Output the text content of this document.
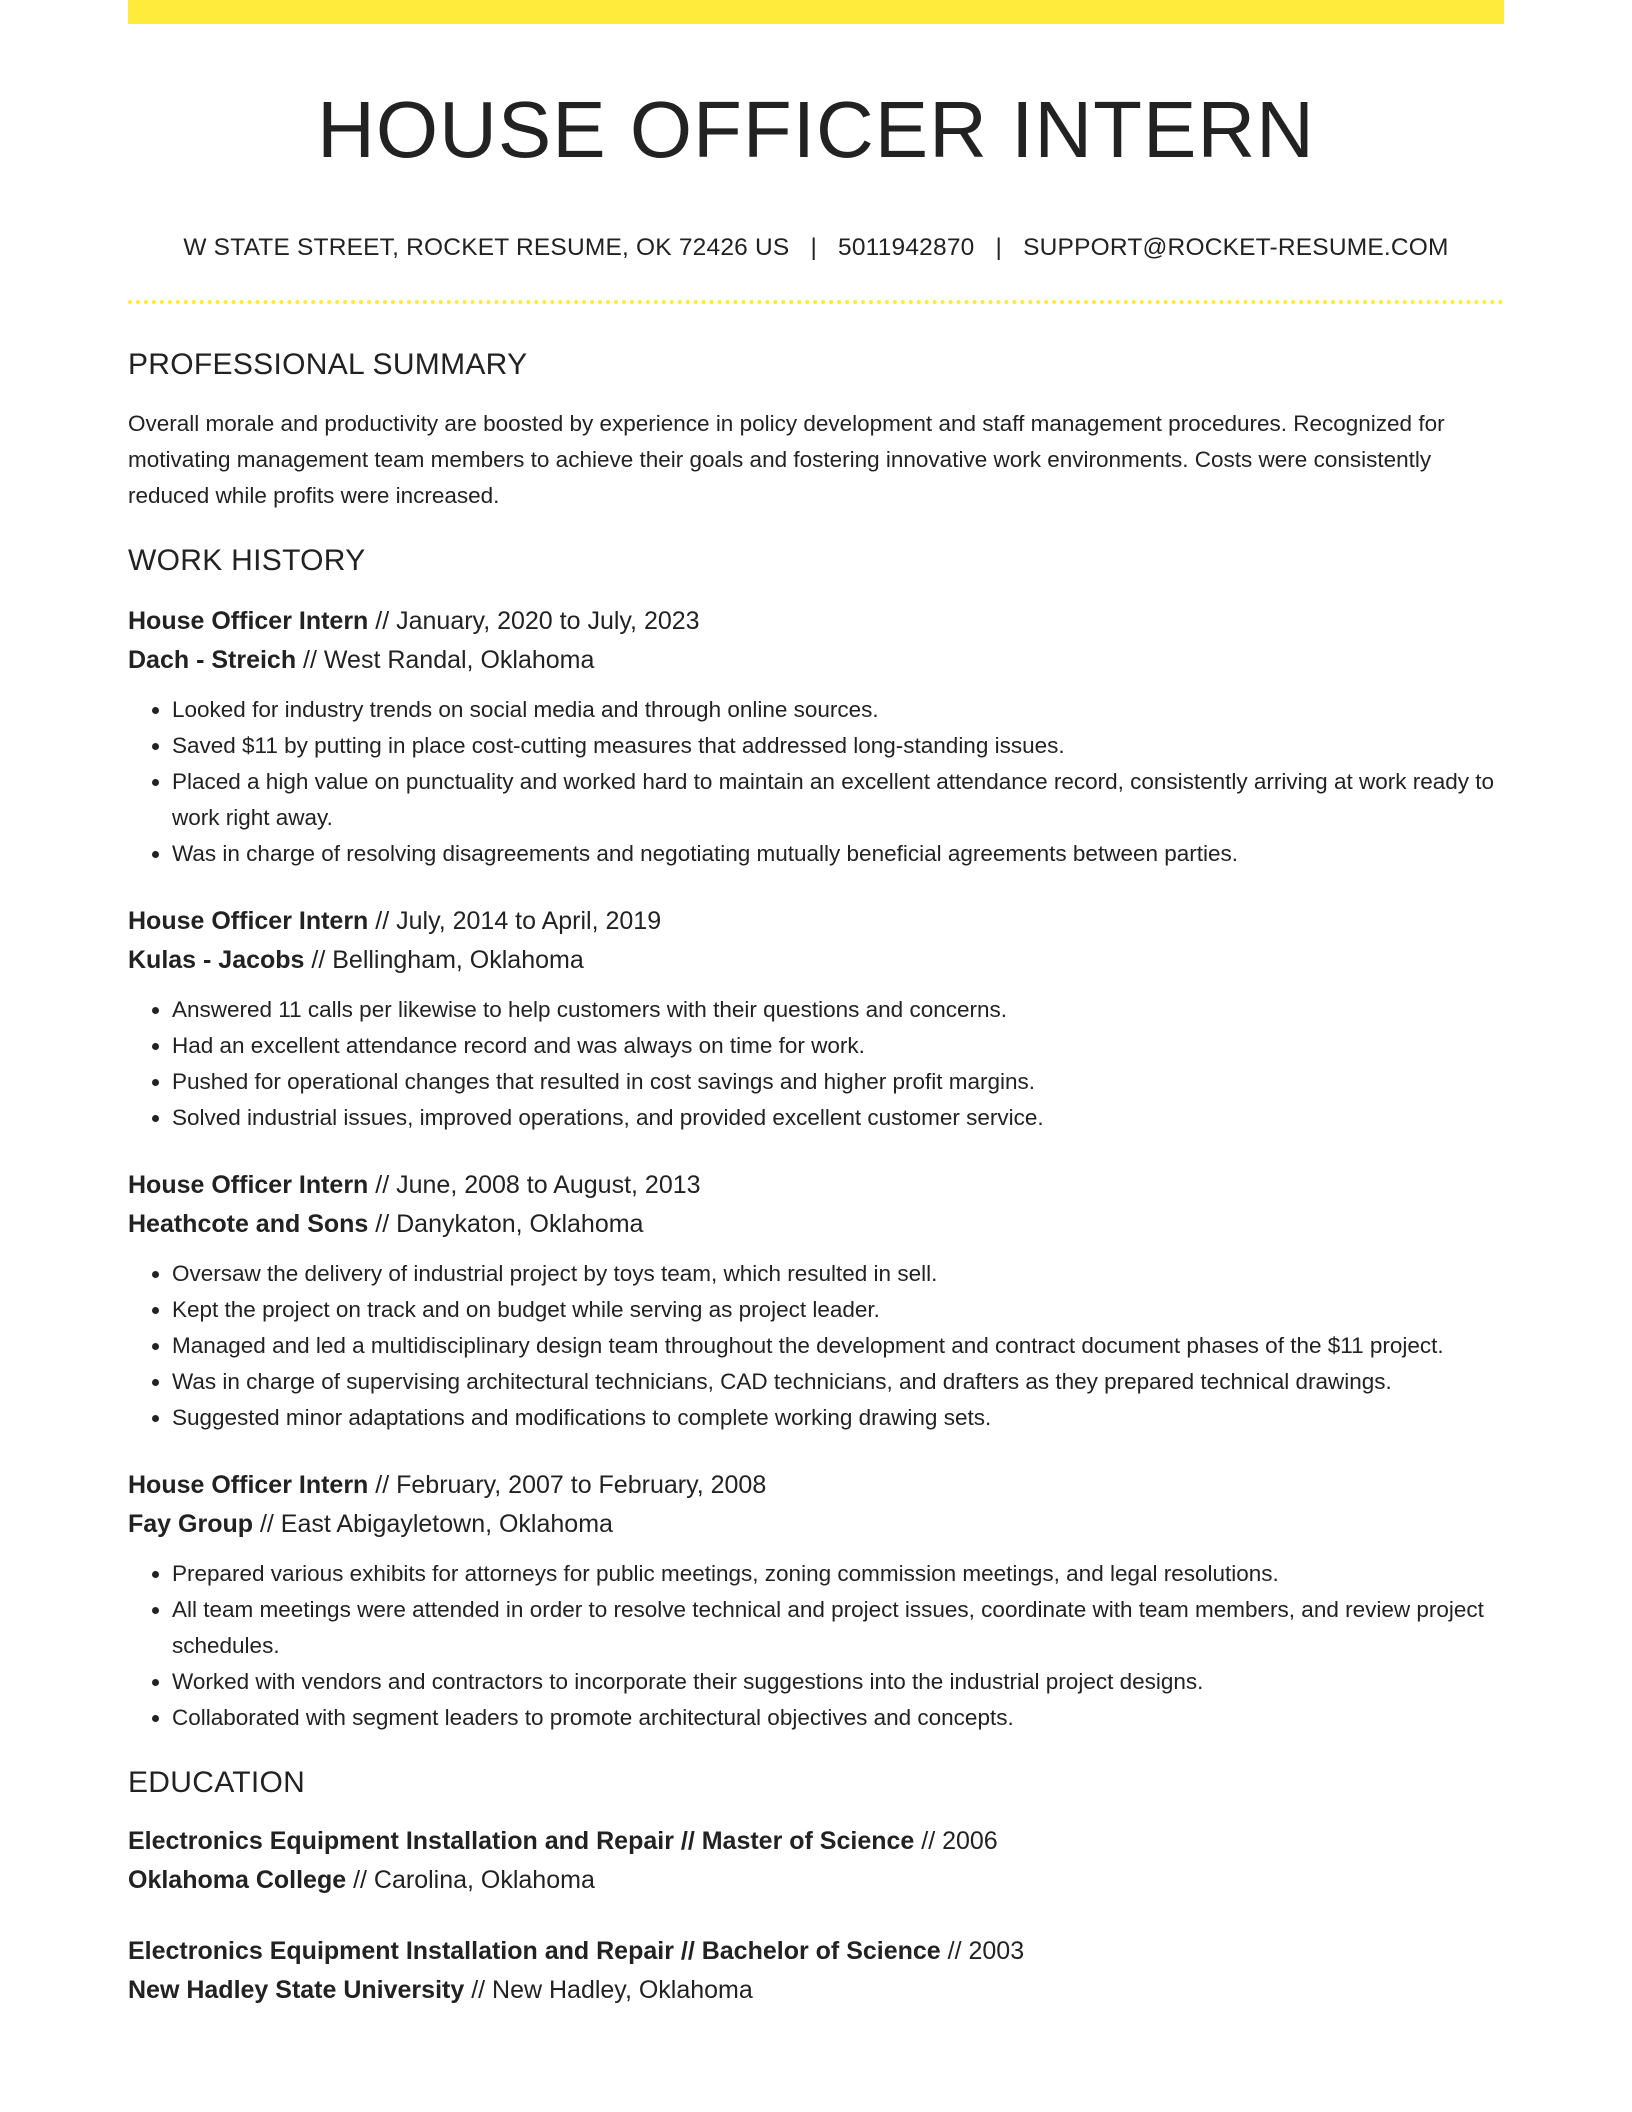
HOUSE OFFICER INTERN
W STATE STREET, ROCKET RESUME, OK 72426 US | 5011942870 | SUPPORT@ROCKET-RESUME.COM
PROFESSIONAL SUMMARY
Overall morale and productivity are boosted by experience in policy development and staff management procedures. Recognized for motivating management team members to achieve their goals and fostering innovative work environments. Costs were consistently reduced while profits were increased.
WORK HISTORY
House Officer Intern // January, 2020 to July, 2023
Dach - Streich // West Randal, Oklahoma
• Looked for industry trends on social media and through online sources.
• Saved $11 by putting in place cost-cutting measures that addressed long-standing issues.
• Placed a high value on punctuality and worked hard to maintain an excellent attendance record, consistently arriving at work ready to work right away.
• Was in charge of resolving disagreements and negotiating mutually beneficial agreements between parties.
House Officer Intern // July, 2014 to April, 2019
Kulas - Jacobs // Bellingham, Oklahoma
• Answered 11 calls per likewise to help customers with their questions and concerns.
• Had an excellent attendance record and was always on time for work.
• Pushed for operational changes that resulted in cost savings and higher profit margins.
• Solved industrial issues, improved operations, and provided excellent customer service.
House Officer Intern // June, 2008 to August, 2013
Heathcote and Sons // Danykaton, Oklahoma
• Oversaw the delivery of industrial project by toys team, which resulted in sell.
• Kept the project on track and on budget while serving as project leader.
• Managed and led a multidisciplinary design team throughout the development and contract document phases of the $11 project.
• Was in charge of supervising architectural technicians, CAD technicians, and drafters as they prepared technical drawings.
• Suggested minor adaptations and modifications to complete working drawing sets.
House Officer Intern // February, 2007 to February, 2008
Fay Group // East Abigayletown, Oklahoma
• Prepared various exhibits for attorneys for public meetings, zoning commission meetings, and legal resolutions.
• All team meetings were attended in order to resolve technical and project issues, coordinate with team members, and review project schedules.
• Worked with vendors and contractors to incorporate their suggestions into the industrial project designs.
• Collaborated with segment leaders to promote architectural objectives and concepts.
EDUCATION
Electronics Equipment Installation and Repair // Master of Science // 2006
Oklahoma College // Carolina, Oklahoma
Electronics Equipment Installation and Repair // Bachelor of Science // 2003
New Hadley State University // New Hadley, Oklahoma
